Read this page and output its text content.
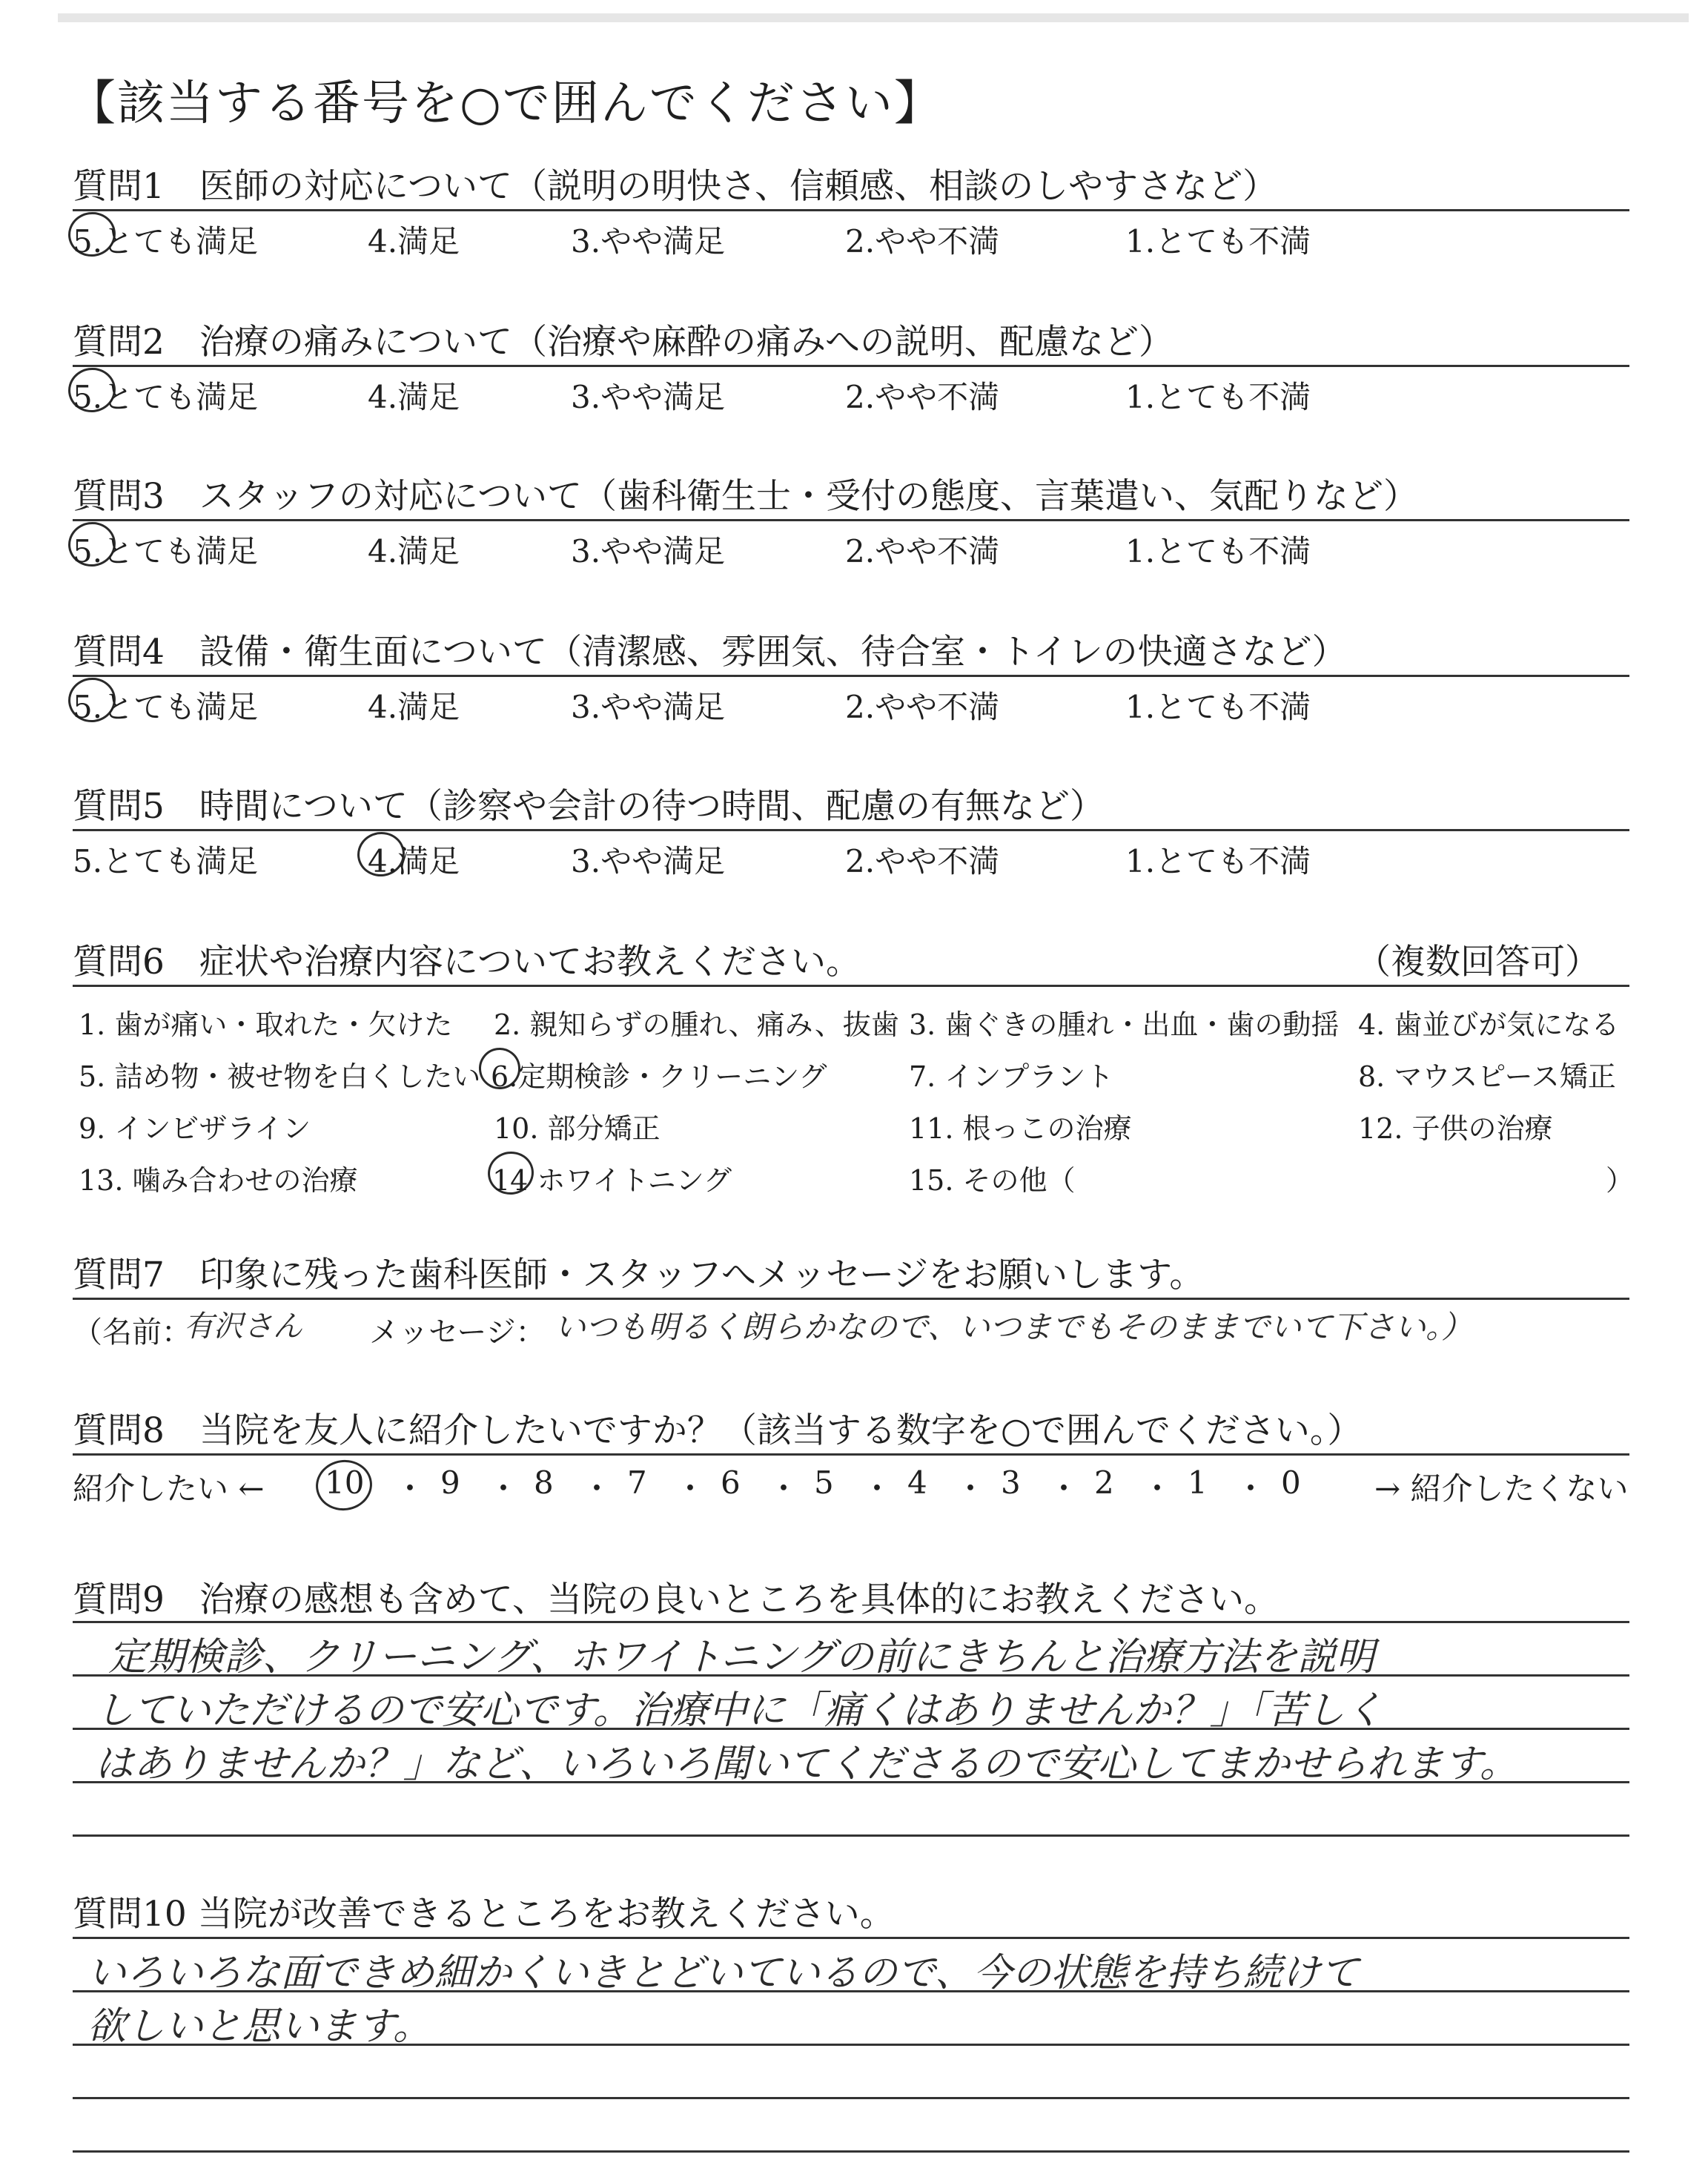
【該当する番号を○で囲んでください】
質問1　医師の対応について（説明の明快さ、信頼感、相談のしやすさなど）
5.とても満足	4.満足	3.やや満足	2.やや不満	1.とても不満
質問2　治療の痛みについて（治療や麻酔の痛みへの説明、配慮など）
5.とても満足	4.満足	3.やや満足	2.やや不満	1.とても不満
質問3　スタッフの対応について（歯科衛生士・受付の態度、言葉遣い、気配りなど）
5.とても満足	4.満足	3.やや満足	2.やや不満	1.とても不満
質問4　設備・衛生面について（清潔感、雰囲気、待合室・トイレの快適さなど）
5.とても満足	4.満足	3.やや満足	2.やや不満	1.とても不満
質問5　時間について（診察や会計の待つ時間、配慮の有無など）
5.とても満足	4.満足	3.やや満足	2.やや不満	1.とても不満
質問6　症状や治療内容についてお教えください。	（複数回答可）
1. 歯が痛い・取れた・欠けた 2. 親知らずの腫れ、痛み、抜歯 3. 歯ぐきの腫れ・出血・歯の動揺 4. 歯並びが気になる
5. 詰め物・被せ物を白くしたい 6.定期検診・クリーニング	7. インプラント	8. マウスピース矯正
9. インビザライン	10. 部分矯正	11. 根っこの治療	12. 子供の治療
13. 噛み合わせの治療	14 ホワイトニング	15. その他（	）
質問7　印象に残った歯科医師・スタッフへメッセージをお願いします。
（名前：
有沢さん メッセージ： いつも明るく朗らかなので、いつまでもそのままでいて下さい。）
質問8　当院を友人に紹介したいですか？（該当する数字を○で囲んでください。）
紹介したい ← 10 ・ 9 ・ 8 ・ 7 ・ 6 ・ 5 ・ 4 ・ 3 ・ 2 ・ 1 ・ 0 → 紹介したくない
質問9　治療の感想も含めて、当院の良いところを具体的にお教えください。
定期検診、クリーニング、ホワイトニングの前にきちんと治療方法を説明
していただけるので安心です。治療中に「痛くはありませんか？」「苦しく
はありませんか？」など、いろいろ聞いてくださるので安心してまかせられます。
質問10 当院が改善できるところをお教えください。
いろいろな面できめ細かくいきとどいているので、今の状態を持ち続けて
欲しいと思います。
